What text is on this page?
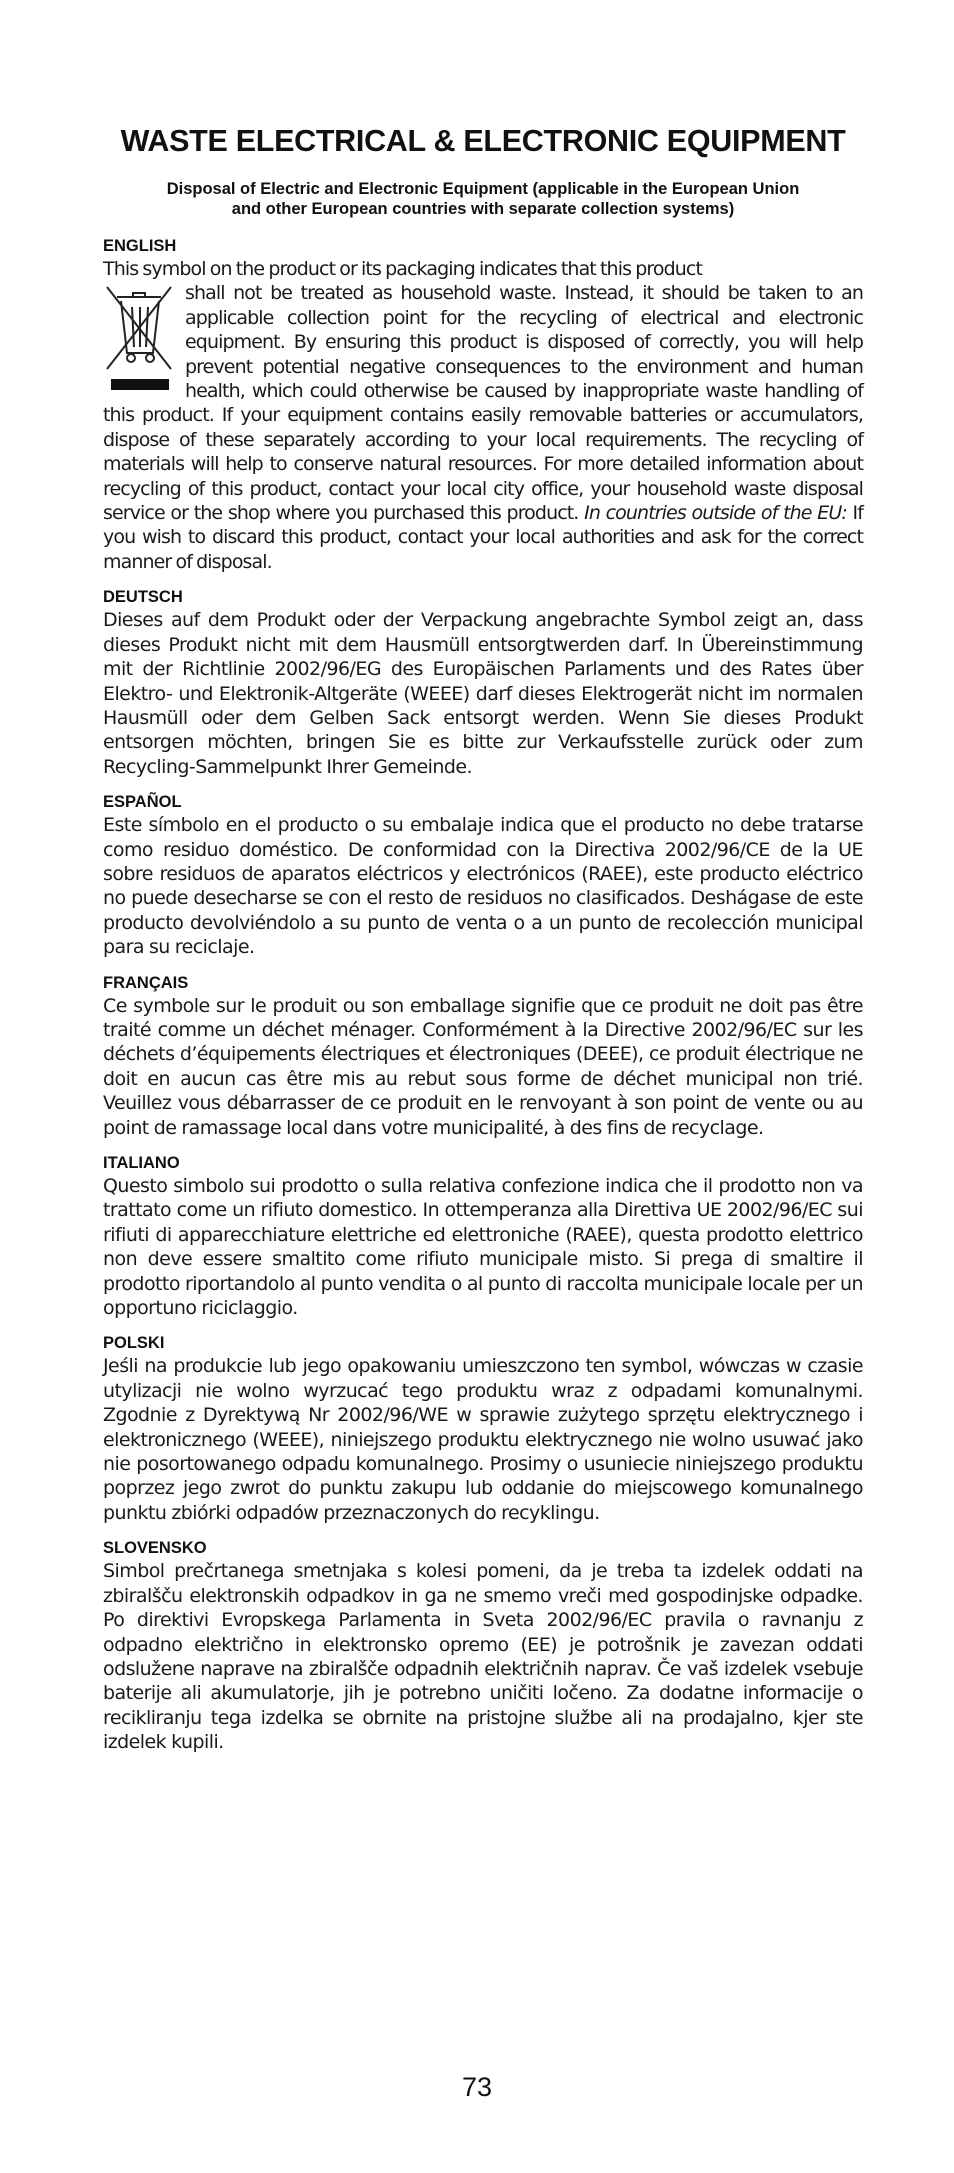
WASTE ELECTRICAL & ELECTRONIC EQUIPMENT
Disposal of Electric and Electronic Equipment (applicable in the European Union
and other European countries with separate collection systems)
ENGLISH
This symbol on the product or its packaging indicates that this product
shall not be treated as household waste. Instead, it should be taken to an applicable collection point for the recycling of electrical and electronic equipment. By ensuring this product is disposed of correctly, you will help prevent potential negative consequences to the environment and human health, which could otherwise be caused by inappropriate waste handling of this product. If your equipment contains easily removable batteries or accumulators, dispose of these separately according to your local requirements. The recycling of materials will help to conserve natural resources. For more detailed information about recycling of this product, contact your local city office, your household waste disposal service or the shop where you purchased this product. In countries outside of the EU: If you wish to discard this product, contact your local authorities and ask for the correct manner of disposal.
DEUTSCH
Dieses auf dem Produkt oder der Verpackung angebrachte Symbol zeigt an, dass dieses Produkt nicht mit dem Hausmüll entsorgtwerden darf. In Übereinstimmung mit der Richtlinie 2002/96/EG des Europäischen Parlaments und des Rates über Elektro- und Elektronik-Altgeräte (WEEE) darf dieses Elektrogerät nicht im normalen Hausmüll oder dem Gelben Sack entsorgt werden. Wenn Sie dieses Produkt entsorgen möchten, bringen Sie es bitte zur Verkaufsstelle zurück oder zum Recycling-Sammelpunkt Ihrer Gemeinde.
ESPAÑOL
Este símbolo en el producto o su embalaje indica que el producto no debe tratarse como residuo doméstico. De conformidad con la Directiva 2002/96/CE de la UE sobre residuos de aparatos eléctricos y electrónicos (RAEE), este producto eléctrico no puede desecharse se con el resto de residuos no clasificados. Deshágase de este producto devolviéndolo a su punto de venta o a un punto de recolección municipal para su reciclaje.
FRANÇAIS
Ce symbole sur le produit ou son emballage signifie que ce produit ne doit pas être traité comme un déchet ménager. Conformément à la Directive 2002/96/EC sur les déchets d’équipements électriques et électroniques (DEEE), ce produit électrique ne doit en aucun cas être mis au rebut sous forme de déchet municipal non trié. Veuillez vous débarrasser de ce produit en le renvoyant à son point de vente ou au point de ramassage local dans votre municipalité, à des fins de recyclage.
ITALIANO
Questo simbolo sui prodotto o sulla relativa confezione indica che il prodotto non va trattato come un rifiuto domestico. In ottemperanza alla Direttiva UE 2002/96/EC sui rifiuti di apparecchiature elettriche ed elettroniche (RAEE), questa prodotto elettrico non deve essere smaltito come rifiuto municipale misto. Si prega di smaltire il prodotto riportandolo al punto vendita o al punto di raccolta municipale locale per un opportuno riciclaggio.
POLSKI
Jeśli na produkcie lub jego opakowaniu umieszczono ten symbol, wówczas w czasie utylizacji nie wolno wyrzucać tego produktu wraz z odpadami komunalnymi. Zgodnie z Dyrektywą Nr 2002/96/WE w sprawie zużytego sprzętu elektrycznego i elektronicznego (WEEE), niniejszego produktu elektrycznego nie wolno usuwać jako nie posortowanego odpadu komunalnego. Prosimy o usuniecie niniejszego produktu poprzez jego zwrot do punktu zakupu lub oddanie do miejscowego komunalnego punktu zbiórki odpadów przeznaczonych do recyklingu.
SLOVENSKO
Simbol prečrtanega smetnjaka s kolesi pomeni, da je treba ta izdelek oddati na zbiralšču elektronskih odpadkov in ga ne smemo vreči med gospodinjske odpadke. Po direktivi Evropskega Parlamenta in Sveta 2002/96/EC pravila o ravnanju z odpadno električno in elektronsko opremo (EE) je potrošnik je zavezan oddati odslužene naprave na zbiralšče odpadnih električnih naprav. Če vaš izdelek vsebuje baterije ali akumulatorje, jih je potrebno uničiti ločeno. Za dodatne informacije o recikliranju tega izdelka se obrnite na pristojne službe ali na prodajalno, kjer ste izdelek kupili.
73
